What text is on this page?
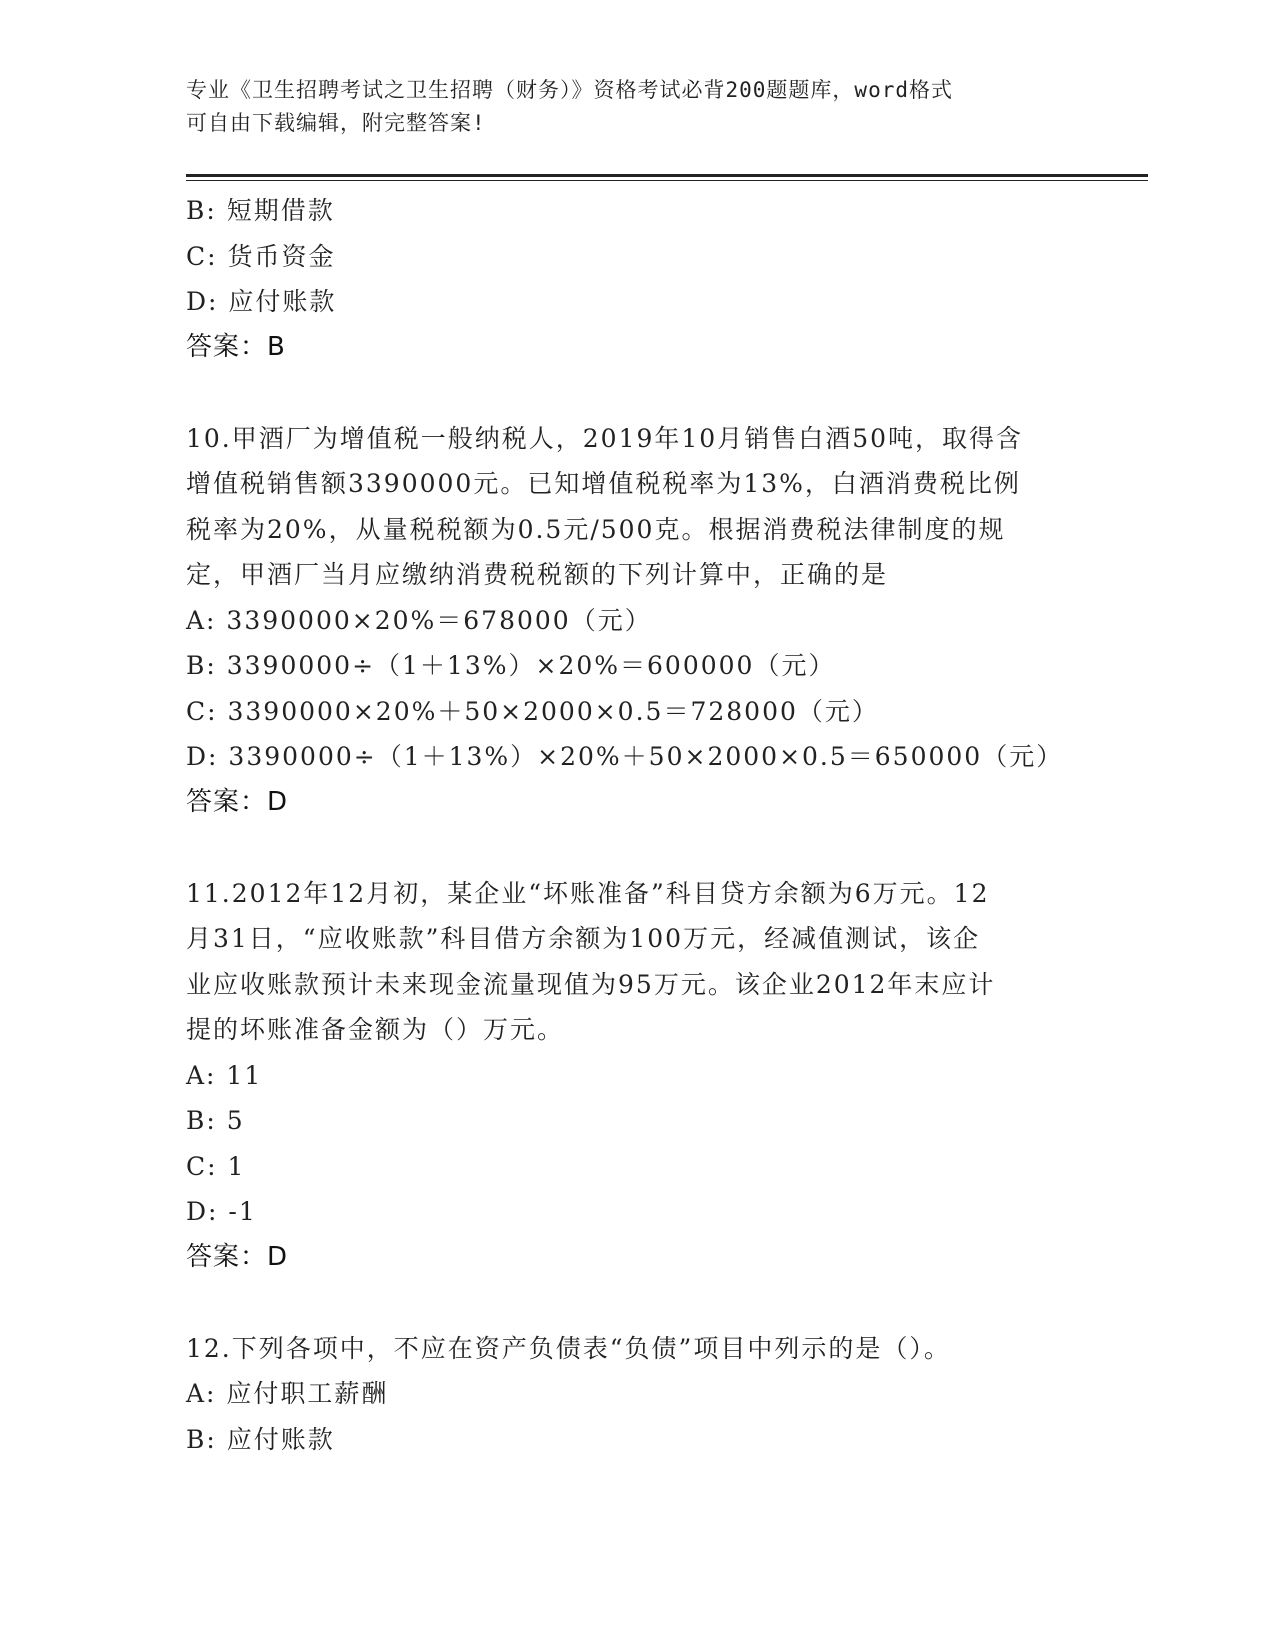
专业《卫生招聘考试之卫生招聘（财务）》资格考试必背200题题库，word格式
可自由下载编辑，附完整答案!
B: 短期借款
C: 货币资金
D: 应付账款
答案：B
10.甲酒厂为增值税一般纳税人，2019年10月销售白酒50吨，取得含
增值税销售额3390000元。已知增值税税率为13%，白酒消费税比例
税率为20%，从量税税额为0.5元/500克。根据消费税法律制度的规
定，甲酒厂当月应缴纳消费税税额的下列计算中，正确的是
A: 3390000×20%＝678000（元）
B: 3390000÷（1＋13%）×20%＝600000（元）
C: 3390000×20%＋50×2000×0.5＝728000（元）
D: 3390000÷（1＋13%）×20%＋50×2000×0.5＝650000（元）
答案：D
11.2012年12月初，某企业“坏账准备”科目贷方余额为6万元。12
月31日，“应收账款”科目借方余额为100万元，经减值测试，该企
业应收账款预计未来现金流量现值为95万元。该企业2012年末应计
提的坏账准备金额为（）万元。
A: 11
B: 5
C: 1
D: -1
答案：D
12.下列各项中，不应在资产负债表“负债”项目中列示的是（）。
A: 应付职工薪酬
B: 应付账款
